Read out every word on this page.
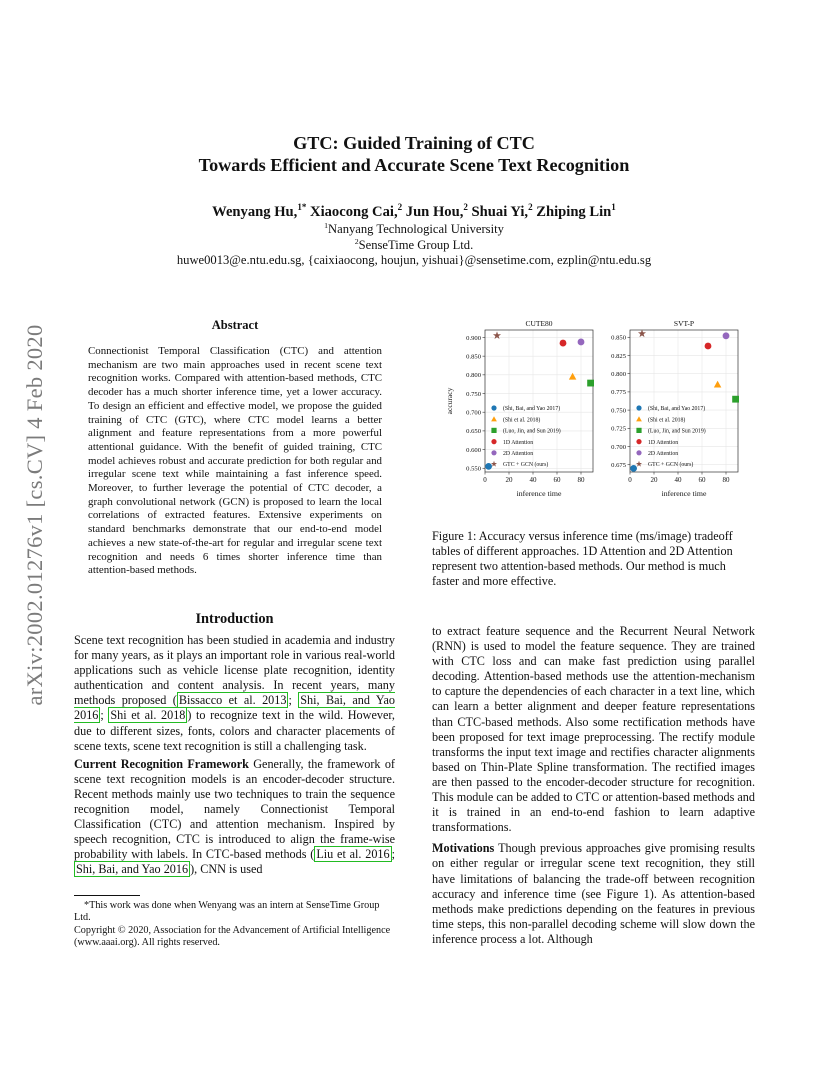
arXiv:2002.01276v1 [cs.CV] 4 Feb 2020
GTC: Guided Training of CTC
Towards Efficient and Accurate Scene Text Recognition
Wenyang Hu,$^{1*}$ Xiaocong Cai,$^2$ Jun Hou,$^2$ Shuai Yi,$^2$ Zhiping Lin$^1$
$^1$Nanyang Technological University
$^2$SenseTime Group Ltd.
huwe0013@e.ntu.edu.sg, {caixiaocong, houjun, yishuai}@sensetime.com, ezplin@ntu.edu.sg
Abstract
Connectionist Temporal Classification (CTC) and attention mechanism are two main approaches used in recent scene text recognition works. Compared with attention-based methods, CTC decoder has a much shorter inference time, yet a lower accuracy. To design an efficient and effective model, we propose the guided training of CTC (GTC), where CTC model learns a better alignment and feature representations from a more powerful attentional guidance. With the benefit of guided training, CTC model achieves robust and accurate prediction for both regular and irregular scene text while maintaining a fast inference speed. Moreover, to further leverage the potential of CTC decoder, a graph convolutional network (GCN) is proposed to learn the local correlations of extracted features. Extensive experiments on standard benchmarks demonstrate that our end-to-end model achieves a new state-of-the-art for regular and irregular scene text recognition and needs 6 times shorter inference time than attention-based methods.
CUTE80
0	20 40 60 80
0.550
0.600
0.650
0.700
0.750
0.800
0.850
0.900
inference time
accuracy	(Shi, Bai, and Yao 2017)
(Shi et al. 2018)
(Luo, Jin, and Sun 2019)
1D Attention
2D Attention
GTC + GCN (ours)
SVT-P
0	20 40 60 80
0.675
0.700
0.725
0.750
0.775
0.800
0.825
0.850
inference time
(Shi, Bai, and Yao 2017)
(Shi et al. 2018)
(Luo, Jin, and Sun 2019)
1D Attention
2D Attention
GTC + GCN (ours)
Figure 1: Accuracy versus inference time (ms/image) tradeoff tables of different approaches. 1D Attention and 2D Attention represent two attention-based methods. Our method is much faster and more effective.
Introduction

Scene text recognition has been studied in academia and industry for many years, as it plays an important role in various real-world applications such as vehicle license plate recognition, identity authentication and content analysis. In recent years, many methods proposed ( Bissacco et al. 2013 ; Shi, Bai, and Yao 2016 ; Shi et al. 2018 ) to recognize text in the wild. However, due to different sizes, fonts, colors and character placements of scene texts, scene text recognition is still a challenging task.

Current Recognition Framework Generally, the framework of scene text recognition models is an encoder-decoder structure. Recent methods mainly use two techniques to train the sequence recognition model, namely Connectionist Temporal Classification (CTC) and attention mechanism. Inspired by speech recognition, CTC is introduced to align the frame-wise probability with labels. In CTC-based methods ( Liu et al. 2016 ; Shi, Bai, and Yao 2016 ), CNN is used

to extract feature sequence and the Recurrent Neural Network (RNN) is used to model the feature sequence. They are trained with CTC loss and can make fast prediction using parallel decoding. Attention-based methods use the attention-mechanism to capture the dependencies of each character in a text line, which can learn a better alignment and deeper feature representations than CTC-based methods. Also some rectification methods have been proposed for text image preprocessing. The rectify module transforms the input text image and rectifies character alignments based on Thin-Plate Spline transformation. The rectified images are then passed to the encoder-decoder structure for recognition. This module can be added to CTC or attention-based methods and it is trained in an end-to-end fashion to learn adaptive transformations.

Motivations Though previous approaches give promising results on either regular or irregular scene text recognition, they still have limitations of balancing the trade-off between recognition accuracy and inference time (see Figure 1). As attention-based methods make predictions depending on the features in previous time steps, this non-parallel decoding scheme will slow down the inference process a lot. Although

*This work was done when Wenyang was an intern at SenseTime Group Ltd.
Copyright © 2020, Association for the Advancement of Artificial Intelligence (www.aaai.org). All rights reserved.
